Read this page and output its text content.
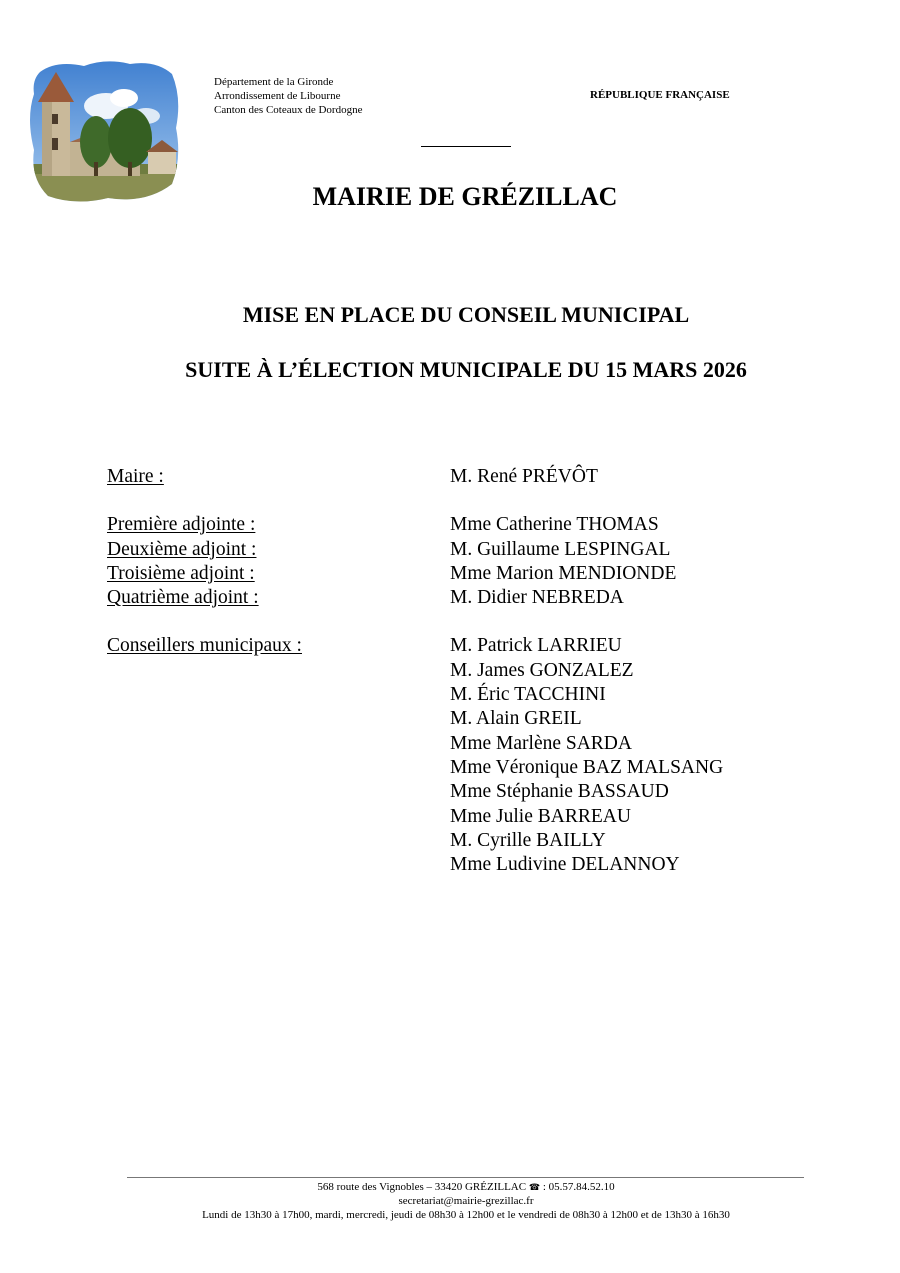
Département de la Gironde
Arrondissement de Libourne
Canton des Coteaux de Dordogne
RÉPUBLIQUE FRANÇAISE
MAIRIE DE GRÉZILLAC
MISE EN PLACE DU CONSEIL MUNICIPAL
SUITE À L’ÉLECTION MUNICIPALE DU 15 MARS 2026
Maire :
Première adjointe :
Deuxième adjoint :
Troisième adjoint :
Quatrième adjoint :
Conseillers municipaux :
M. René PRÉVÔT
Mme Catherine THOMAS
M. Guillaume LESPINGAL
Mme Marion MENDIONDE
M. Didier NEBREDA
M. Patrick LARRIEU
M. James GONZALEZ
M. Éric TACCHINI
M. Alain GREIL
Mme Marlène SARDA
Mme Véronique BAZ MALSANG
Mme Stéphanie BASSAUD
Mme Julie BARREAU
M. Cyrille BAILLY
Mme Ludivine DELANNOY
568 route des Vignobles – 33420 GRÉZILLAC ☎ : 05.57.84.52.10
secretariat@mairie-grezillac.fr
Lundi de 13h30 à 17h00, mardi, mercredi, jeudi de 08h30 à 12h00 et le vendredi de 08h30 à 12h00 et de 13h30 à 16h30
